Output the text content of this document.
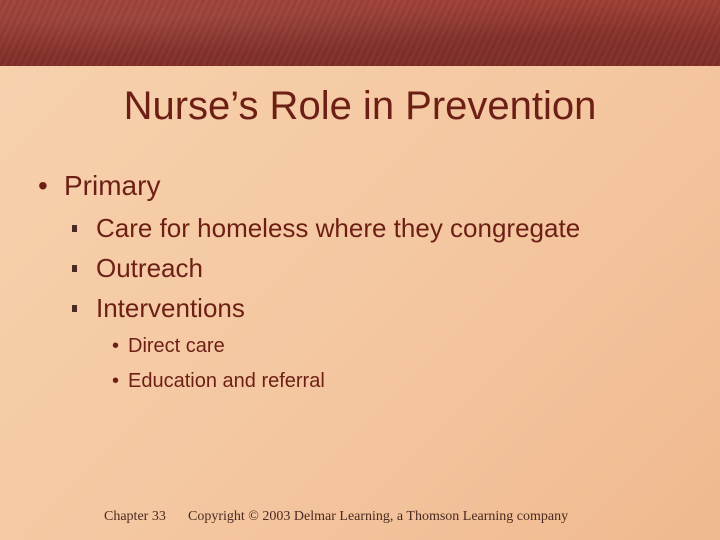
Nurse’s Role in Prevention
• Primary
Care for homeless where they congregate
Outreach
Interventions
• Direct care
• Education and referral
Chapter 33 Copyright © 2003 Delmar Learning, a Thomson Learning company
